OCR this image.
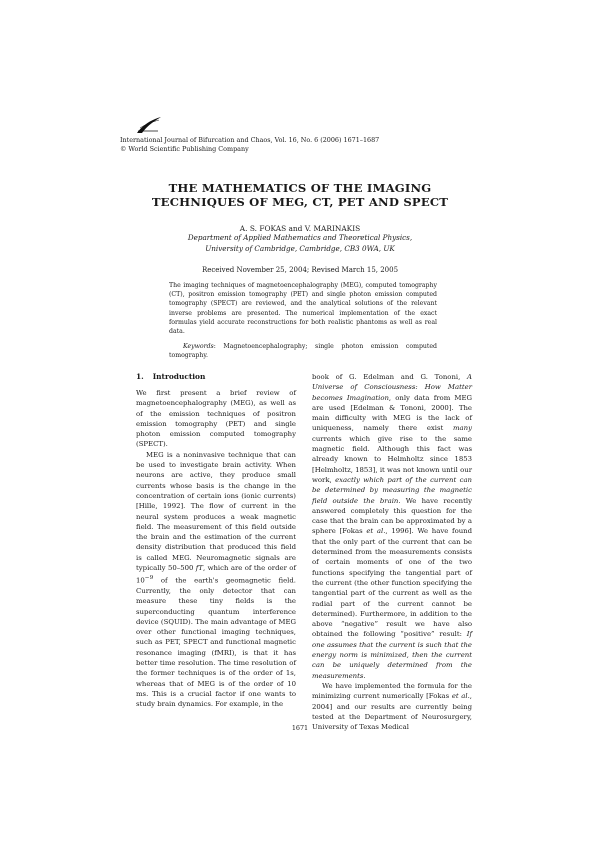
International Journal of Bifurcation and Chaos, Vol. 16, No. 6 (2006) 1671–1687
© World Scientific Publishing Company
THE MATHEMATICS OF THE IMAGING
TECHNIQUES OF MEG, CT, PET AND SPECT
A. S. FOKAS and V. MARINAKIS
Department of Applied Mathematics and Theoretical Physics,
University of Cambridge, Cambridge, CB3 0WA, UK
Received November 25, 2004; Revised March 15, 2005

The imaging techniques of magnetoencephalography (MEG), computed tomography (CT), positron emission tomography (PET) and single photon emission computed tomography (SPECT) are reviewed, and the analytical solutions of the relevant inverse problems are presented. The numerical implementation of the exact formulas yield accurate reconstructions for both realistic phantoms as well as real data.

Keywords: Magnetoencephalography; single photon emission computed tomography.

1. Introduction

We first present a brief review of magnetoencephalography (MEG), as well as of the emission techniques of positron emission tomography (PET) and single photon emission computed tomography (SPECT).

MEG is a noninvasive technique that can be used to investigate brain activity. When neurons are active, they produce small currents whose basis is the change in the concentration of certain ions (ionic currents) [Hille, 1992]. The flow of current in the neural system produces a weak magnetic field. The measurement of this field outside the brain and the estimation of the current density distribution that produced this field is called MEG. Neuromagnetic signals are typically 50–500 fT, which are of the order of $10^{-9}$ of the earth's geomagnetic field. Currently, the only detector that can measure these tiny fields is the superconducting quantum interference device (SQUID). The main advantage of MEG over other functional imaging techniques, such as PET, SPECT and functional magnetic resonance imaging (fMRI), is that it has better time resolution. The time resolution of the former techniques is of the order of 1s, whereas that of MEG is of the order of 10 ms. This is a crucial factor if one wants to study brain dynamics. For example, in the

book of G. Edelman and G. Tononi, A Universe of Consciousness: How Matter becomes Imagination, only data from MEG are used [Edelman & Tononi, 2000]. The main difficulty with MEG is the lack of uniqueness, namely there exist many currents which give rise to the same magnetic field. Although this fact was already known to Helmholtz since 1853 [Helmholtz, 1853], it was not known until our work, exactly which part of the current can be determined by measuring the magnetic field outside the brain. We have recently answered completely this question for the case that the brain can be approximated by a sphere [Fokas et al., 1996]. We have found that the only part of the current that can be determined from the measurements consists of certain moments of one of the two functions specifying the tangential part of the current (the other function specifying the tangential part of the current as well as the radial part of the current cannot be determined). Furthermore, in addition to the above “negative” result we have also obtained the following “positive” result: If one assumes that the current is such that the energy norm is minimized, then the current can be uniquely determined from the measurements.

We have implemented the formula for the minimizing current numerically [Fokas et al., 2004] and our results are currently being tested at the Department of Neurosurgery, University of Texas Medical

1671
